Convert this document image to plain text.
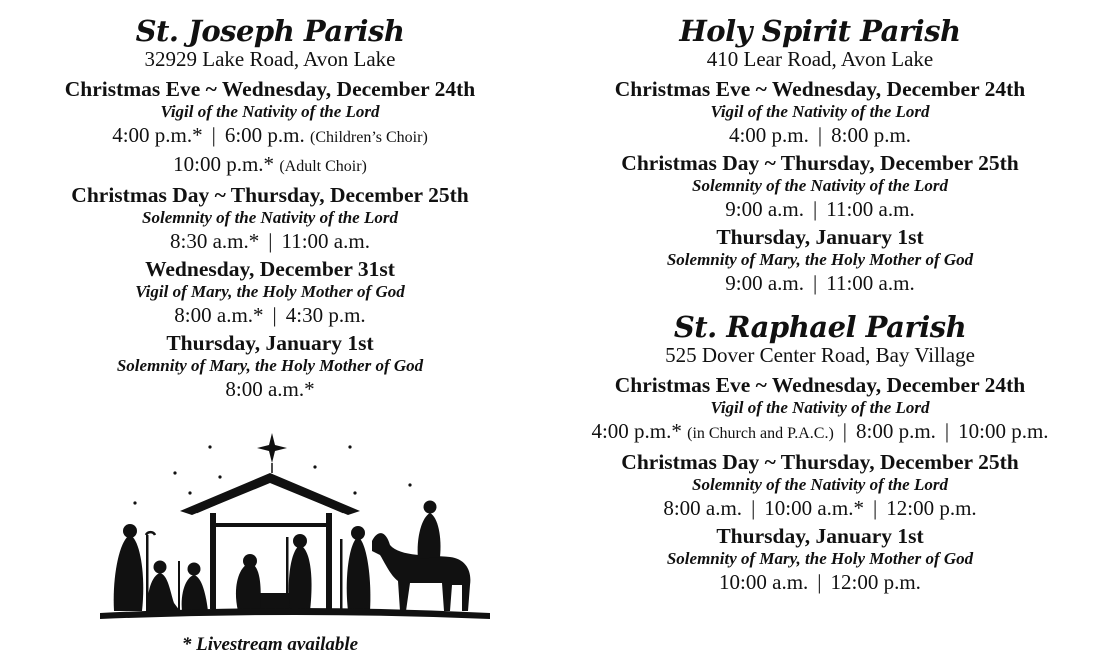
St. Joseph Parish
32929 Lake Road, Avon Lake
Christmas Eve ~ Wednesday, December 24th
Vigil of the Nativity of the Lord
4:00 p.m.* | 6:00 p.m. (Children’s Choir)
10:00 p.m.* (Adult Choir)
Christmas Day ~ Thursday, December 25th
Solemnity of the Nativity of the Lord
8:30 a.m.* | 11:00 a.m.
Wednesday, December 31st
Vigil of Mary, the Holy Mother of God
8:00 a.m.* | 4:30 p.m.
Thursday, January 1st
Solemnity of Mary, the Holy Mother of God
8:00 a.m.*
Holy Spirit Parish
410 Lear Road, Avon Lake
Christmas Eve ~ Wednesday, December 24th
Vigil of the Nativity of the Lord
4:00 p.m. | 8:00 p.m.
Christmas Day ~ Thursday, December 25th
Solemnity of the Nativity of the Lord
9:00 a.m. | 11:00 a.m.
Thursday, January 1st
Solemnity of Mary, the Holy Mother of God
9:00 a.m. | 11:00 a.m.
St. Raphael Parish
525 Dover Center Road, Bay Village
Christmas Eve ~ Wednesday, December 24th
Vigil of the Nativity of the Lord
4:00 p.m.* (in Church and P.A.C.) | 8:00 p.m. | 10:00 p.m.
Christmas Day ~ Thursday, December 25th
Solemnity of the Nativity of the Lord
8:00 a.m. | 10:00 a.m.* | 12:00 p.m.
Thursday, January 1st
Solemnity of Mary, the Holy Mother of God
10:00 a.m. | 12:00 p.m.
* Livestream available
